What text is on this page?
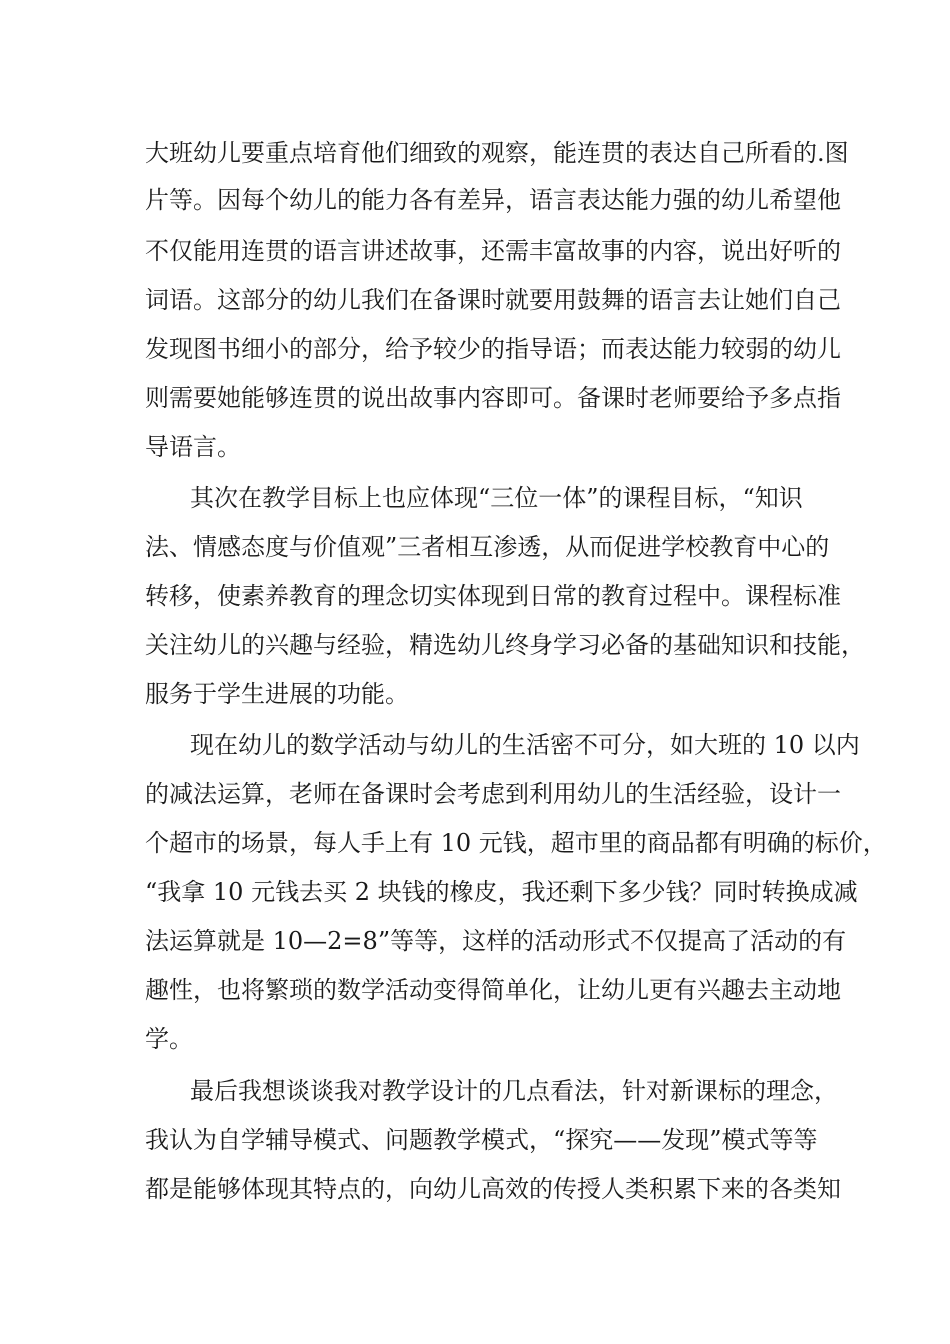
大班幼儿要重点培育他们细致的观察，能连贯的表达自己所看的.图
片等。因每个幼儿的能力各有差异，语言表达能力强的幼儿希望他
不仅能用连贯的语言讲述故事，还需丰富故事的内容，说出好听的
词语。这部分的幼儿我们在备课时就要用鼓舞的语言去让她们自己
发现图书细小的部分，给予较少的指导语；而表达能力较弱的幼儿
则需要她能够连贯的说出故事内容即可。备课时老师要给予多点指
导语言。
其次在教学目标上也应体现“三位一体”的课程目标，“知识
法、情感态度与价值观”三者相互渗透，从而促进学校教育中心的
转移，使素养教育的理念切实体现到日常的教育过程中。课程标准
关注幼儿的兴趣与经验，精选幼儿终身学习必备的基础知识和技能，
服务于学生进展的功能。
现在幼儿的数学活动与幼儿的生活密不可分，如大班的 10 以内
的减法运算，老师在备课时会考虑到利用幼儿的生活经验，设计一
个超市的场景，每人手上有 10 元钱，超市里的商品都有明确的标价，
“我拿 10 元钱去买 2 块钱的橡皮，我还剩下多少钱？同时转换成减
法运算就是 10—2=8”等等，这样的活动形式不仅提高了活动的有
趣性，也将繁琐的数学活动变得简单化，让幼儿更有兴趣去主动地
学。
最后我想谈谈我对教学设计的几点看法，针对新课标的理念，
我认为自学辅导模式、问题教学模式，“探究——发现”模式等等
都是能够体现其特点的，向幼儿高效的传授人类积累下来的各类知
